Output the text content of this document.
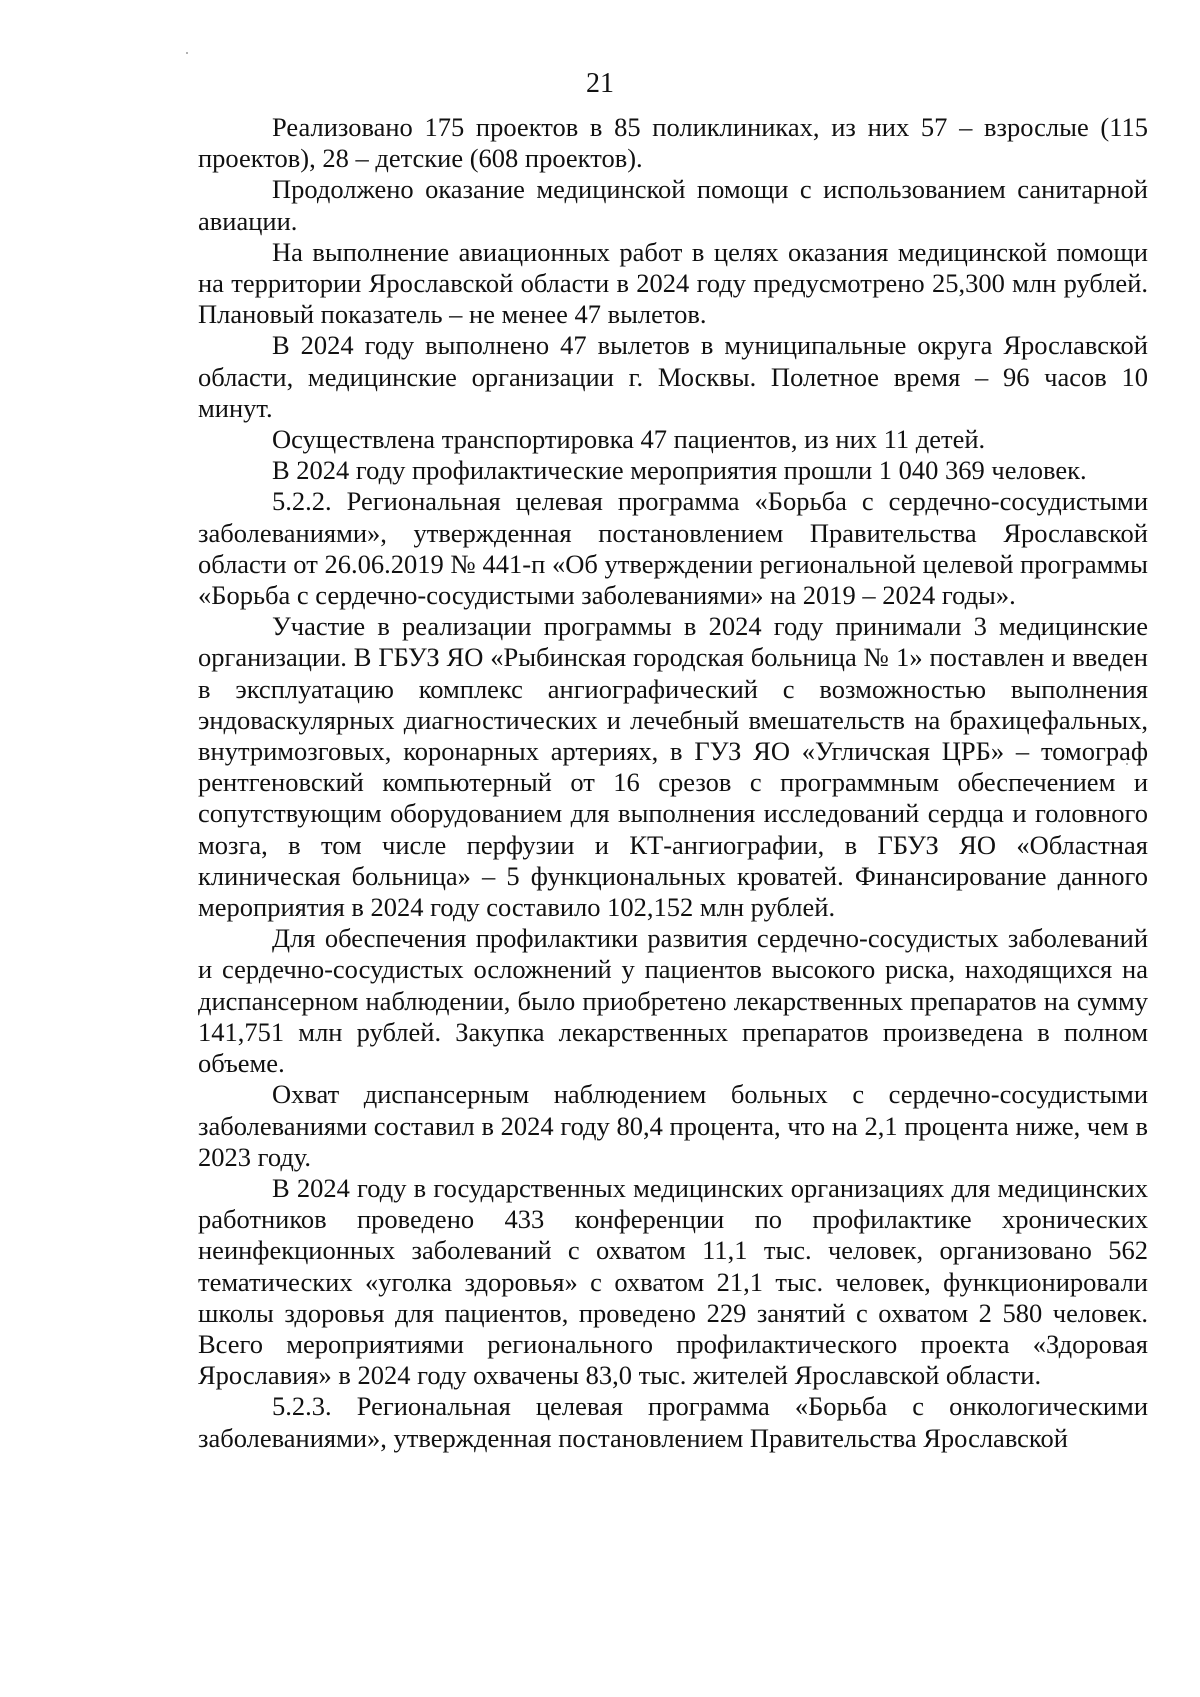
21

Реализовано 175 проектов в 85 поликлиниках, из них 57 – взрослые (115 проектов), 28 – детские (608 проектов).

Продолжено оказание медицинской помощи с использованием санитарной авиации.

На выполнение авиационных работ в целях оказания медицинской помощи на территории Ярославской области в 2024 году предусмотрено 25,300 млн рублей. Плановый показатель – не менее 47 вылетов.

В 2024 году выполнено 47 вылетов в муниципальные округа Ярославской области, медицинские организации г. Москвы. Полетное время – 96 часов 10 минут.

Осуществлена транспортировка 47 пациентов, из них 11 детей.

В 2024 году профилактические мероприятия прошли 1 040 369 человек.

5.2.2. Региональная целевая программа «Борьба с сердечно-сосудистыми заболеваниями», утвержденная постановлением Правительства Ярославской области от 26.06.2019 № 441-п «Об утверждении региональной целевой программы «Борьба с сердечно-сосудистыми заболеваниями» на 2019 – 2024 годы».

Участие в реализации программы в 2024 году принимали 3 медицинские организации. В ГБУЗ ЯО «Рыбинская городская больница № 1» поставлен и введен в эксплуатацию комплекс ангиографический с возможностью выполнения эндоваскулярных диагностических и лечебный вмешательств на брахицефальных, внутримозговых, коронарных артериях, в ГУЗ ЯО «Угличская ЦРБ» – томограф рентгеновский компьютерный от 16 срезов с программным обеспечением и сопутствующим оборудованием для выполнения исследований сердца и головного мозга, в том числе перфузии и КТ-ангиографии, в ГБУЗ ЯО «Областная клиническая больница» – 5 функциональных кроватей. Финансирование данного мероприятия в 2024 году составило 102,152 млн рублей.

Для обеспечения профилактики развития сердечно-сосудистых заболеваний и сердечно-сосудистых осложнений у пациентов высокого риска, находящихся на диспансерном наблюдении, было приобретено лекарственных препаратов на сумму 141,751 млн рублей. Закупка лекарственных препаратов произведена в полном объеме.

Охват диспансерным наблюдением больных с сердечно-сосудистыми заболеваниями составил в 2024 году 80,4 процента, что на 2,1 процента ниже, чем в 2023 году.

В 2024 году в государственных медицинских организациях для медицинских работников проведено 433 конференции по профилактике хронических неинфекционных заболеваний с охватом 11,1 тыс. человек, организовано 562 тематических «уголка здоровья» с охватом 21,1 тыс. человек, функционировали школы здоровья для пациентов, проведено 229 занятий с охватом 2 580 человек. Всего мероприятиями регионального профилактического проекта «Здоровая Ярославия» в 2024 году охвачены 83,0 тыс. жителей Ярославской области.

5.2.3. Региональная целевая программа «Борьба с онкологическими заболеваниями», утвержденная постановлением Правительства Ярославской
